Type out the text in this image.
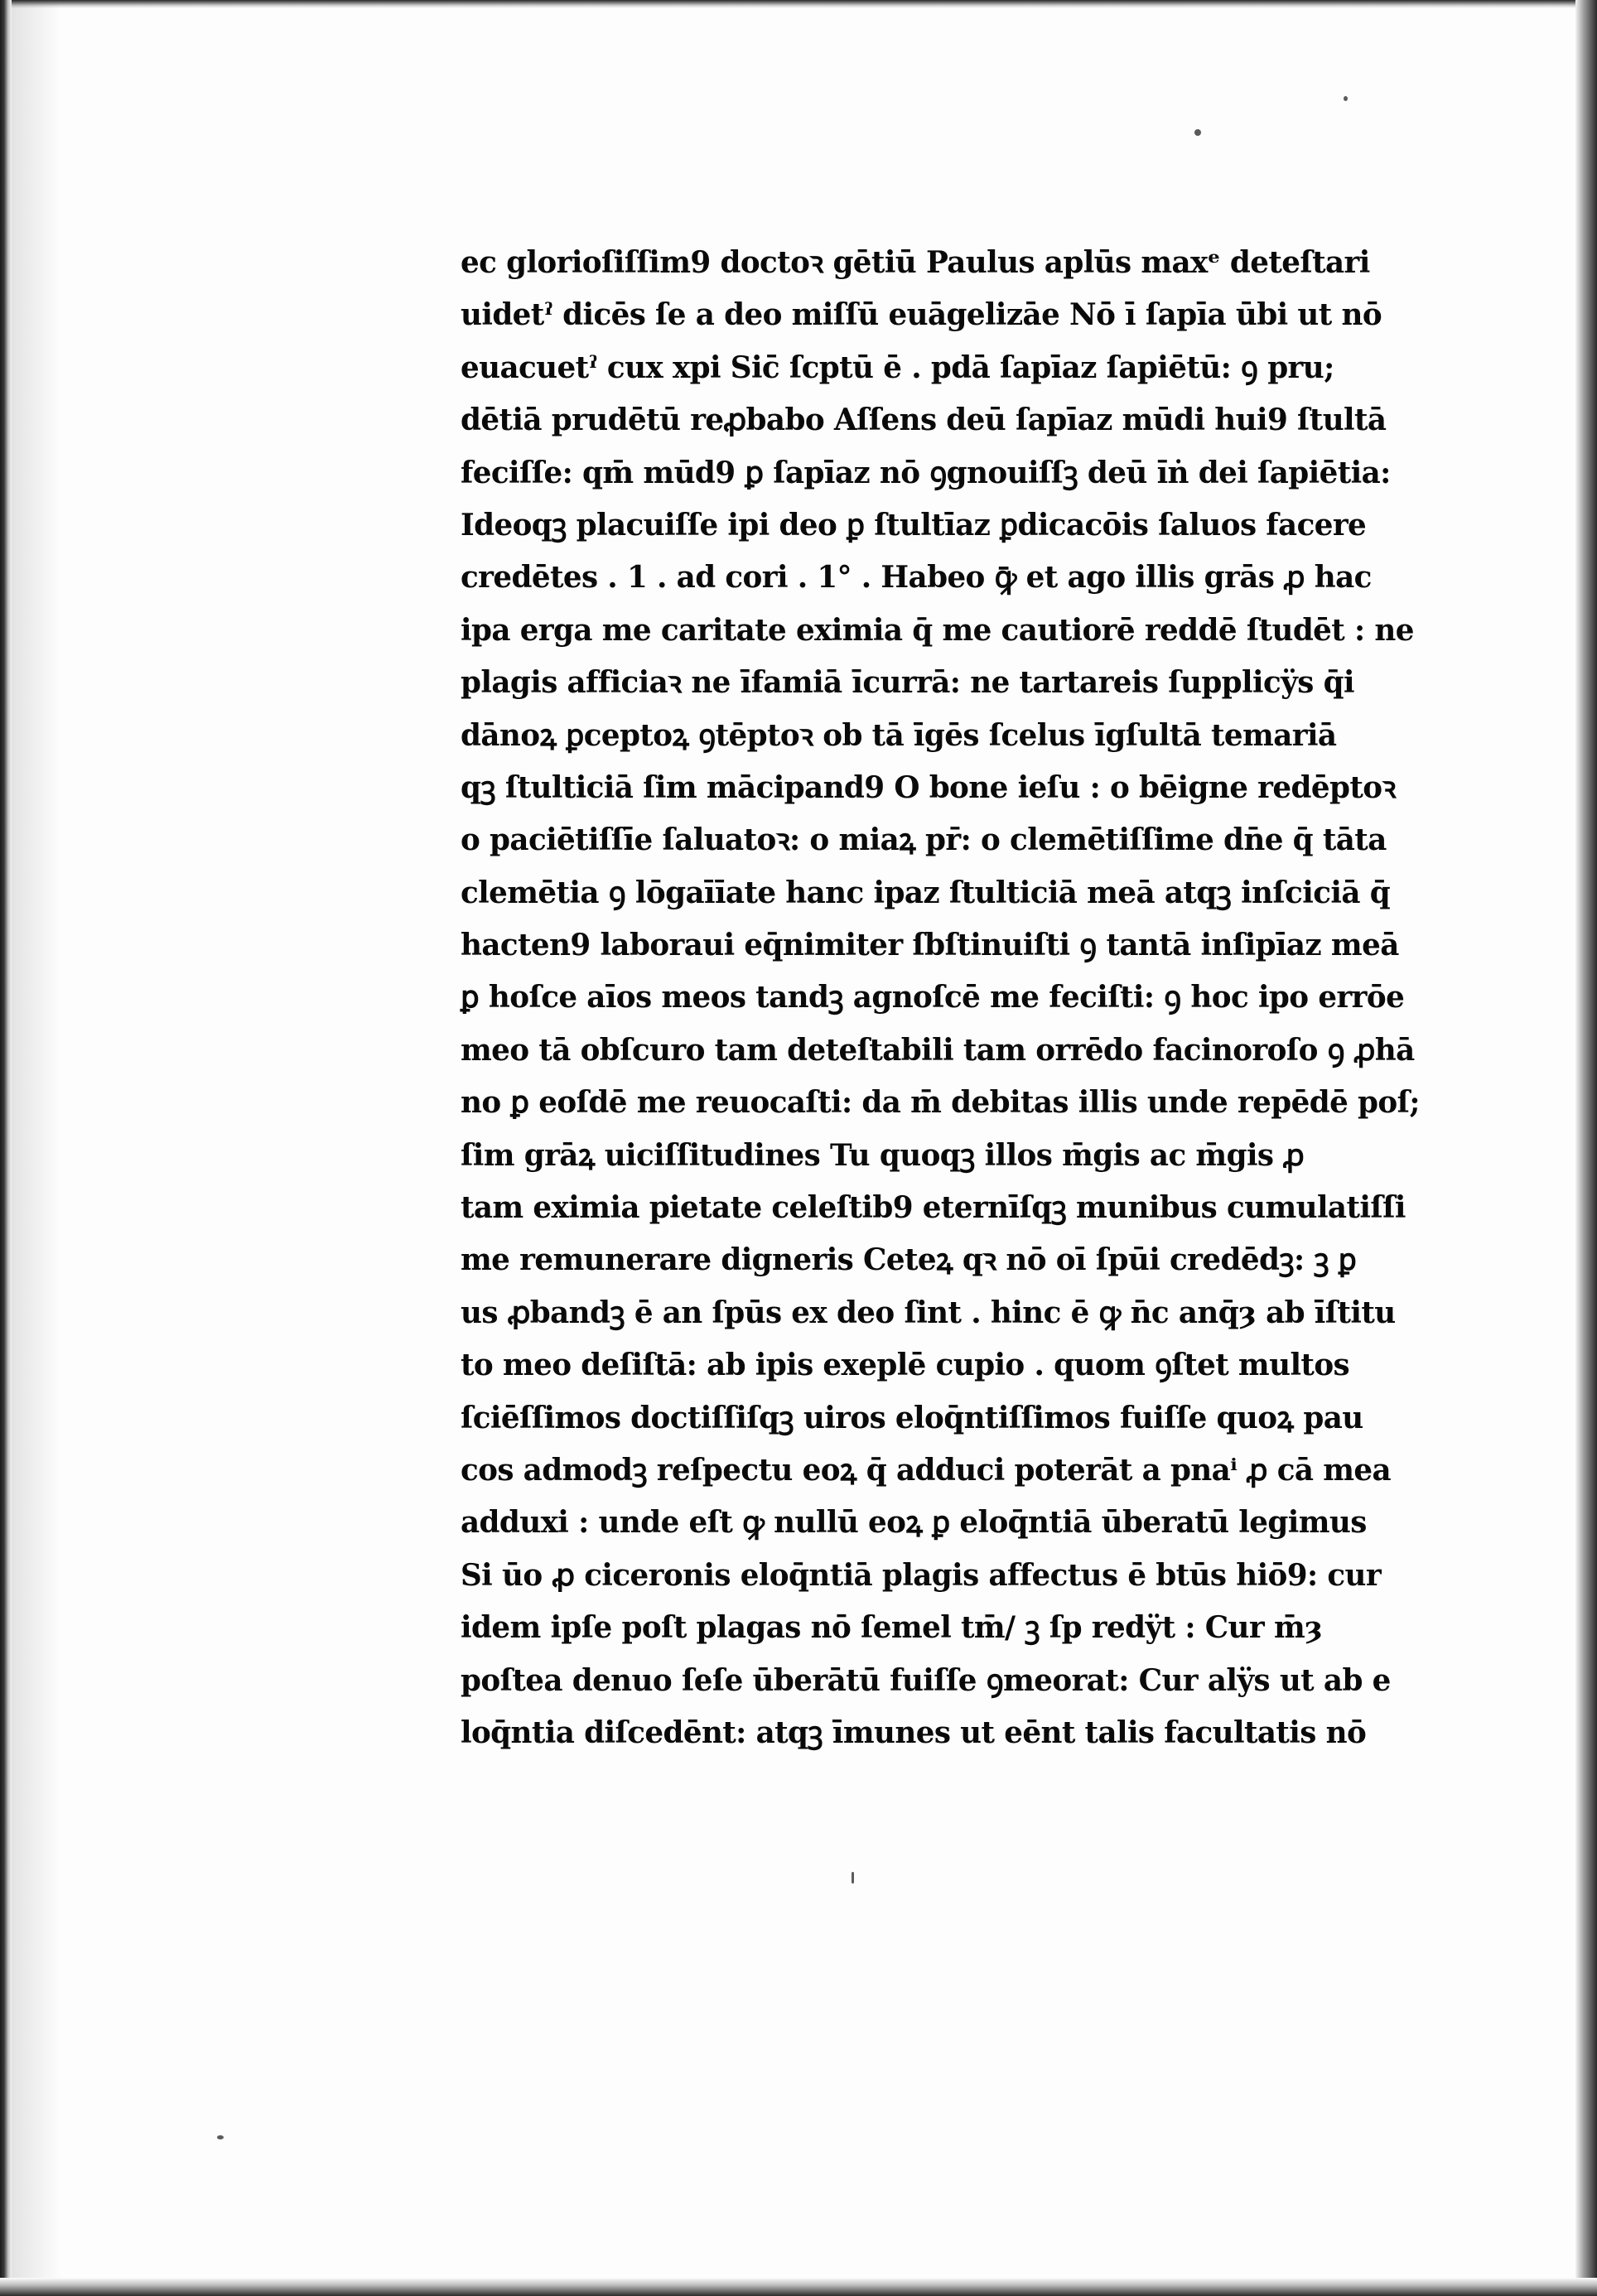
ec glorioſiſſim9 doctoꝛ gētiū Paulus aplūs maxᵉ deteſtari
uidetˀ dicēs ſe a deo miſſū euāgelizāe Nō ī ſapīa ūbi ut nō
euacuetˀ cux xpi Sic̄ ſcptū ē . pdā ſapīaz ſapiētū: ꝯ pru;
dētiā prudētū reꝓbabo Aſſens deū ſapīaz mūdi hui9 ſtultā
feciſſe: qm̄ mūd9 ꝑ ſapīaz nō ꝯgnouiſſꝫ deū ı̄ṅ dei ſapiētia:
Ideoqꝫ placuiſſe ipi deo ꝑ ſtultīaz ꝑdicacōis ſaluos facere
credētes . 1 . ad cori . 1° . Habeo ꝙ̄ et ago illis grās ꝓ hac
ipa erga me caritate eximia q̄ me cautiorē reddē ſtudēt : ne
plagis afficiaꝛ ne īfamiā īcurrā: ne tartareis ſupplicÿs q̄i
dānoꝝ ꝑceptoꝝ ꝯtēptoꝛ ob tā īgēs ſcelus īgſultā temariā
qꝫ ſtulticiā ſim mācipand9 O bone ieſu : o bēigne redēptoꝛ
o paciētiſſīe ſaluatoꝛ: o miaꝝ pr̄: o clemētiſſime dn̄e q̄ tāta
clemētia ꝯ lōgaīīate hanc ipaz ſtulticiā meā atqꝫ inſciciā q̄
hacten9 laboraui eq̄nimiter ſbſtinuiſti ꝯ tantā inſipīaz meā
ꝑ hoſce aīos meos tandꝫ agnoſcē me feciſti: ꝯ hoc ipo errōe
meo tā obſcuro tam deteſtabili tam orrēdo facinoroſo ꝯ ꝓhā
no ꝑ eoſdē me reuocaſti: da m̄ debitas illis unde repēdē poſ;
ſim grāꝝ uiciſſitudines Tu quoqꝫ illos m̄gis ac m̄gis ꝓ
tam eximia pietate celeſtib9 eternīſqꝫ munibus cumulatiſſi
me remunerare digneris Ceteꝝ qꝛ nō oī ſpūi credēdꝫ: ꝫ ꝑ
us ꝓbandꝫ ē an ſpūs ex deo ſint . hinc ē ꝙ n̄c anq̄ȝ ab īſtitu
to meo deſiſtā: ab ipis exeplē cupio . quom ꝯſtet multos
ſciēſſimos doctiſſiſqꝫ uiros eloq̄ntiſſimos fuiſſe quoꝝ pau
cos admodꝫ reſpectu eoꝝ q̄ adduci poterāt a pnaⁱ ꝓ cā mea
adduxi : unde eſt ꝙ nullū eoꝝ ꝑ eloq̄ntiā ūberatū legimus
Si ūo ꝓ ciceronis eloq̄ntiā plagis affectus ē btūs hiō9: cur
idem ipſe poſt plagas nō ſemel tm̄/ ꝫ ſp redÿt : Cur m̄ȝ
poſtea denuo ſeſe ūberātū fuiſſe ꝯmeorat: Cur alÿs ut ab e
loq̄ntia diſcedēnt: atqꝫ īmunes ut eēnt talis facultatis nō
